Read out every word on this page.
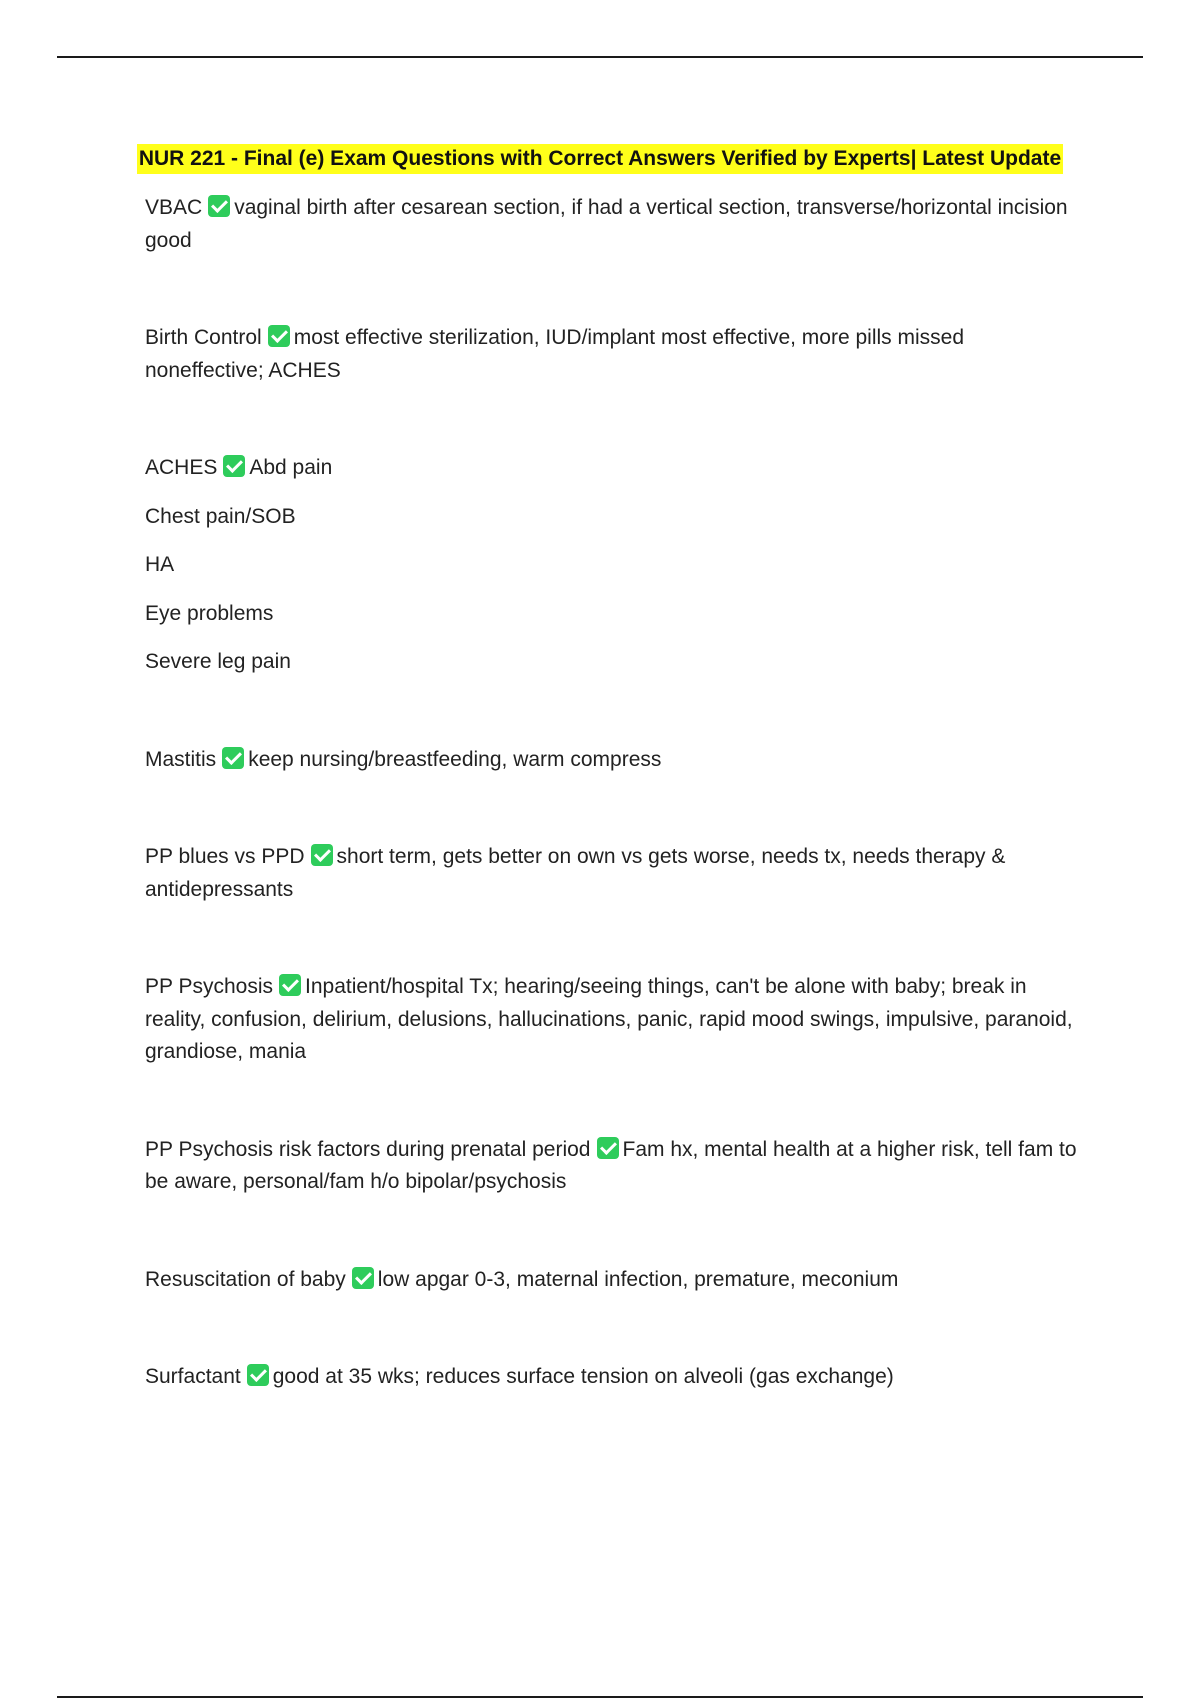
NUR 221 - Final (e) Exam Questions with Correct Answers Verified by Experts| Latest Update

VBAC vaginal birth after cesarean section, if had a vertical section, transverse/horizontal incision good

Birth Control most effective sterilization, IUD/implant most effective, more pills missed noneffective; ACHES

ACHES Abd pain

Chest pain/SOB

HA

Eye problems

Severe leg pain

Mastitis keep nursing/breastfeeding, warm compress

PP blues vs PPD short term, gets better on own vs gets worse, needs tx, needs therapy & antidepressants

PP Psychosis Inpatient/hospital Tx; hearing/seeing things, can't be alone with baby; break in reality, confusion, delirium, delusions, hallucinations, panic, rapid mood swings, impulsive, paranoid, grandiose, mania

PP Psychosis risk factors during prenatal period Fam hx, mental health at a higher risk, tell fam to be aware, personal/fam h/o bipolar/psychosis

Resuscitation of baby low apgar 0-3, maternal infection, premature, meconium

Surfactant good at 35 wks; reduces surface tension on alveoli (gas exchange)
